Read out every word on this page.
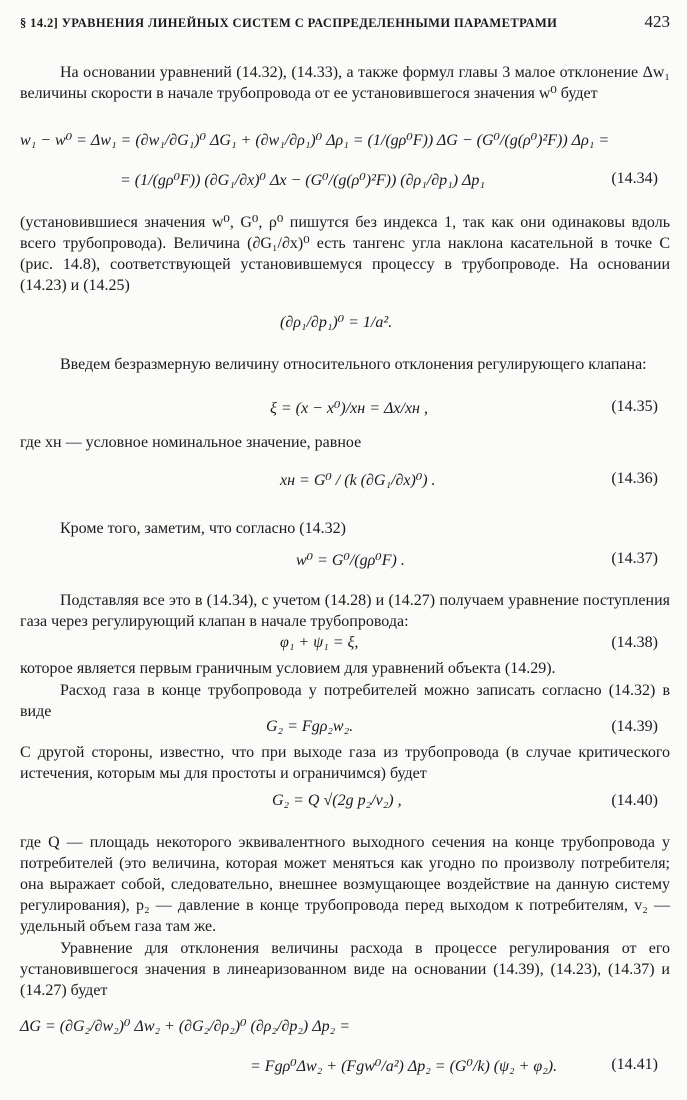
§ 14.2] УРАВНЕНИЯ ЛИНЕЙНЫХ СИСТЕМ С РАСПРЕДЕЛЕННЫМИ ПАРАМЕТРАМИ	423
На основании уравнений (14.32), (14.33), а также формул главы 3 малое отклонение Δw₁ величины скорости в начале трубопровода от ее установившегося значения w⁰ будет
w₁ − w⁰ = Δw₁ = (∂w₁/∂G₁)⁰ ΔG₁ + (∂w₁/∂ρ₁)⁰ Δρ₁ = (1/(gρ⁰F)) ΔG − (G⁰/(g(ρ⁰)²F)) Δρ₁ =
= (1/(gρ⁰F)) (∂G₁/∂x)⁰ Δx − (G⁰/(g(ρ⁰)²F)) (∂ρ₁/∂p₁) Δp₁	(14.34)
(установившиеся значения w⁰, G⁰, ρ⁰ пишутся без индекса 1, так как они одинаковы вдоль всего трубопровода). Величина (∂G₁/∂x)⁰ есть тангенс угла наклона касательной в точке C (рис. 14.8), соответствующей установившемуся процессу в трубопроводе. На основании (14.23) и (14.25)
(∂ρ₁/∂p₁)⁰ = 1/a².
Введем безразмерную величину относительного отклонения регулирующего клапана:
ξ = (x − x⁰)/xн = Δx/xн ,	(14.35)
где xн — условное номинальное значение, равное
xн = G⁰ / (k (∂G₁/∂x)⁰) .	(14.36)
Кроме того, заметим, что согласно (14.32)
w⁰ = G⁰/(gρ⁰F) .	(14.37)
Подставляя все это в (14.34), с учетом (14.28) и (14.27) получаем уравнение поступления газа через регулирующий клапан в начале трубопровода:
φ₁ + ψ₁ = ξ,	(14.38)
которое является первым граничным условием для уравнений объекта (14.29).
Расход газа в конце трубопровода у потребителей можно записать согласно (14.32) в виде
G₂ = Fgρ₂w₂.	(14.39)
С другой стороны, известно, что при выходе газа из трубопровода (в случае критического истечения, которым мы для простоты и ограничимся) будет
G₂ = Q √(2g p₂/v₂) ,	(14.40)
где Q — площадь некоторого эквивалентного выходного сечения на конце трубопровода у потребителей (это величина, которая может меняться как угодно по произволу потребителя; она выражает собой, следовательно, внешнее возмущающее воздействие на данную систему регулирования), p₂ — давление в конце трубопровода перед выходом к потребителям, v₂ — удельный объем газа там же.
Уравнение для отклонения величины расхода в процессе регулирования от его установившегося значения в линеаризованном виде на основании (14.39), (14.23), (14.37) и (14.27) будет
ΔG = (∂G₂/∂w₂)⁰ Δw₂ + (∂G₂/∂ρ₂)⁰ (∂ρ₂/∂p₂) Δp₂ =
= Fgρ⁰Δw₂ + (Fgw⁰/a²) Δp₂ = (G⁰/k) (ψ₂ + φ₂).	(14.41)
